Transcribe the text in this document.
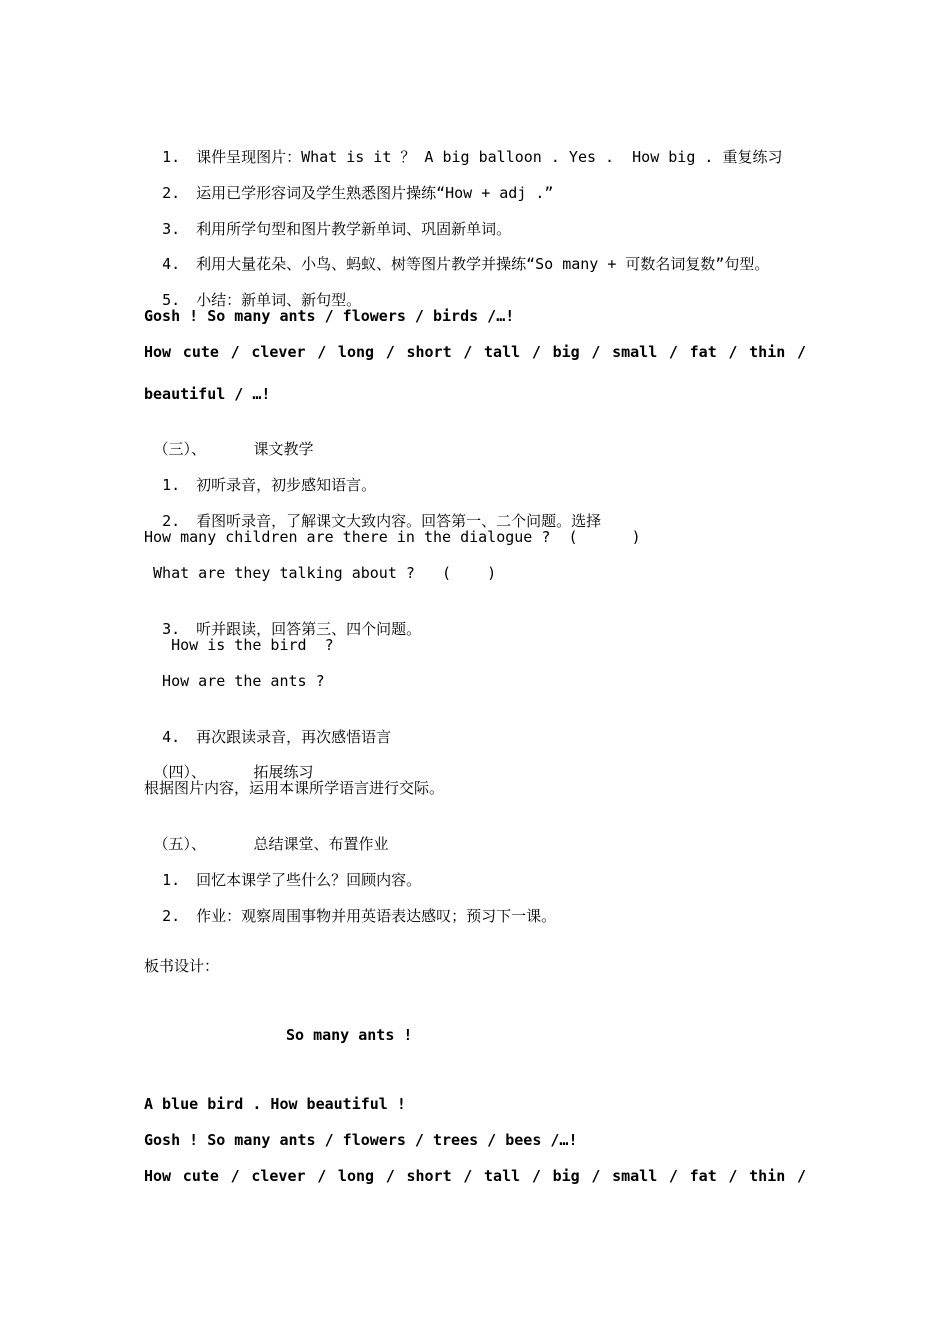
1. 课件呈现图片：What is it ？ A big balloon . Yes .  How big . 重复练习

2. 运用已学形容词及学生熟悉图片操练“How + adj .”

3. 利用所学句型和图片教学新单词、巩固新单词。

4. 利用大量花朵、小鸟、蚂蚁、树等图片教学并操练“So many + 可数名词复数”句型。

5. 小结：新单词、新句型。

Gosh ! So many ants / flowers / birds /…!
How cute / clever / long / short / tall / big / small / fat / thin /
beautiful / …!

（三）、	课文教学

1. 初听录音，初步感知语言。

2. 看图听录音，了解课文大致内容。回答第一、二个问题。选择

How many children are there in the dialogue ?  (      )
What are they talking about ?   (    )

3. 听并跟读，回答第三、四个问题。

How is the bird  ?
How are the ants ?

4. 再次跟读录音，再次感悟语言

（四）、	拓展练习

根据图片内容，运用本课所学语言进行交际。

（五）、	总结课堂、布置作业

1. 回忆本课学了些什么？回顾内容。

2. 作业：观察周围事物并用英语表达感叹；预习下一课。

板书设计：
So many ants !
A blue bird . How beautiful !
Gosh ! So many ants / flowers / trees / bees /…!
How cute / clever / long / short / tall / big / small / fat / thin /
